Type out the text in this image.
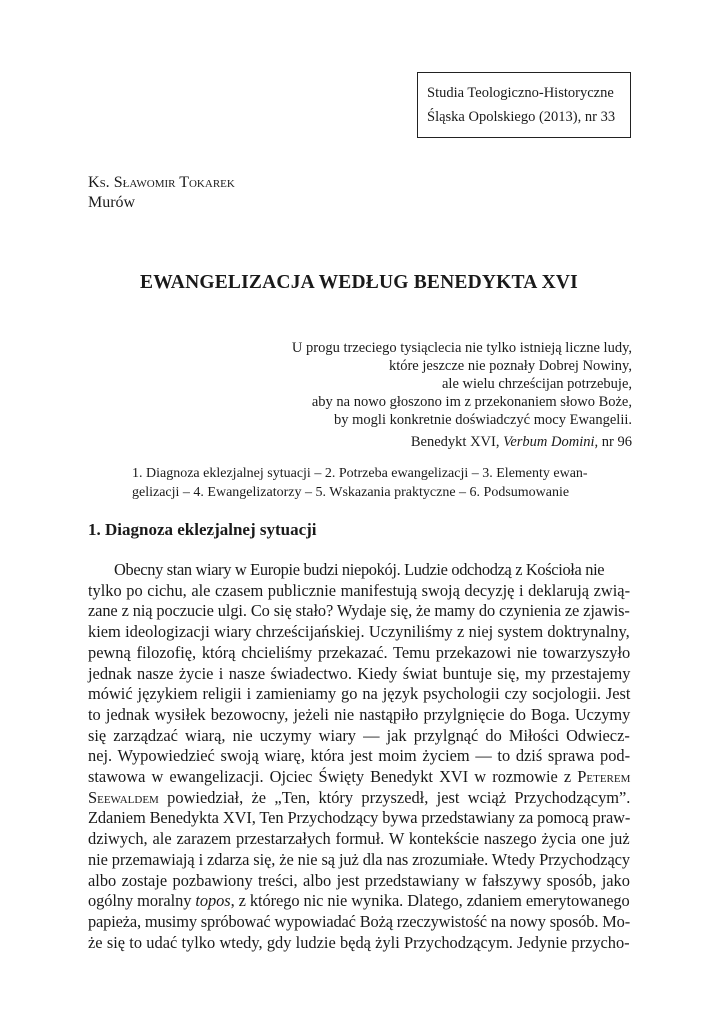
Studia Teologiczno-Historyczne
Śląska Opolskiego (2013), nr 33
Ks. Sławomir Tokarek
Murów
EWANGELIZACJA WEDŁUG BENEDYKTA XVI
U progu trzeciego tysiąclecia nie tylko istnieją liczne ludy,
które jeszcze nie poznały Dobrej Nowiny,
ale wielu chrześcijan potrzebuje,
aby na nowo głoszono im z przekonaniem słowo Boże,
by mogli konkretnie doświadczyć mocy Ewangelii.
Benedykt XVI, Verbum Domini, nr 96
1. Diagnoza eklezjalnej sytuacji – 2. Potrzeba ewangelizacji – 3. Elementy ewan-
gelizacji – 4. Ewangelizatorzy – 5. Wskazania praktyczne – 6. Podsumowanie
1. Diagnoza eklezjalnej sytuacji
Obecny stan wiary w Europie budzi niepokój. Ludzie odchodzą z Kościoła nie
tylko po cichu, ale czasem publicznie manifestują swoją decyzję i deklarują zwią-
zane z nią poczucie ulgi. Co się stało? Wydaje się, że mamy do czynienia ze zjawis-
kiem ideologizacji wiary chrześcijańskiej. Uczyniliśmy z niej system doktrynalny,
pewną filozofię, którą chcieliśmy przekazać. Temu przekazowi nie towarzyszyło
jednak nasze życie i nasze świadectwo. Kiedy świat buntuje się, my przestajemy
mówić językiem religii i zamieniamy go na język psychologii czy socjologii. Jest
to jednak wysiłek bezowocny, jeżeli nie nastąpiło przylgnięcie do Boga. Uczymy
się zarządzać wiarą, nie uczymy wiary — jak przylgnąć do Miłości Odwiecz-
nej. Wypowiedzieć swoją wiarę, która jest moim życiem — to dziś sprawa pod-
stawowa w ewangelizacji. Ojciec Święty Benedykt XVI w rozmowie z Peterem
Seewaldem powiedział, że „Ten, który przyszedł, jest wciąż Przychodzącym”.
Zdaniem Benedykta XVI, Ten Przychodzący bywa przedstawiany za pomocą praw-
dziwych, ale zarazem przestarzałych formuł. W kontekście naszego życia one już
nie przemawiają i zdarza się, że nie są już dla nas zrozumiałe. Wtedy Przychodzący
albo zostaje pozbawiony treści, albo jest przedstawiany w fałszywy sposób, jako
ogólny moralny topos, z którego nic nie wynika. Dlatego, zdaniem emerytowanego
papieża, musimy spróbować wypowiadać Bożą rzeczywistość na nowy sposób. Mo-
że się to udać tylko wtedy, gdy ludzie będą żyli Przychodzącym. Jedynie przycho-
